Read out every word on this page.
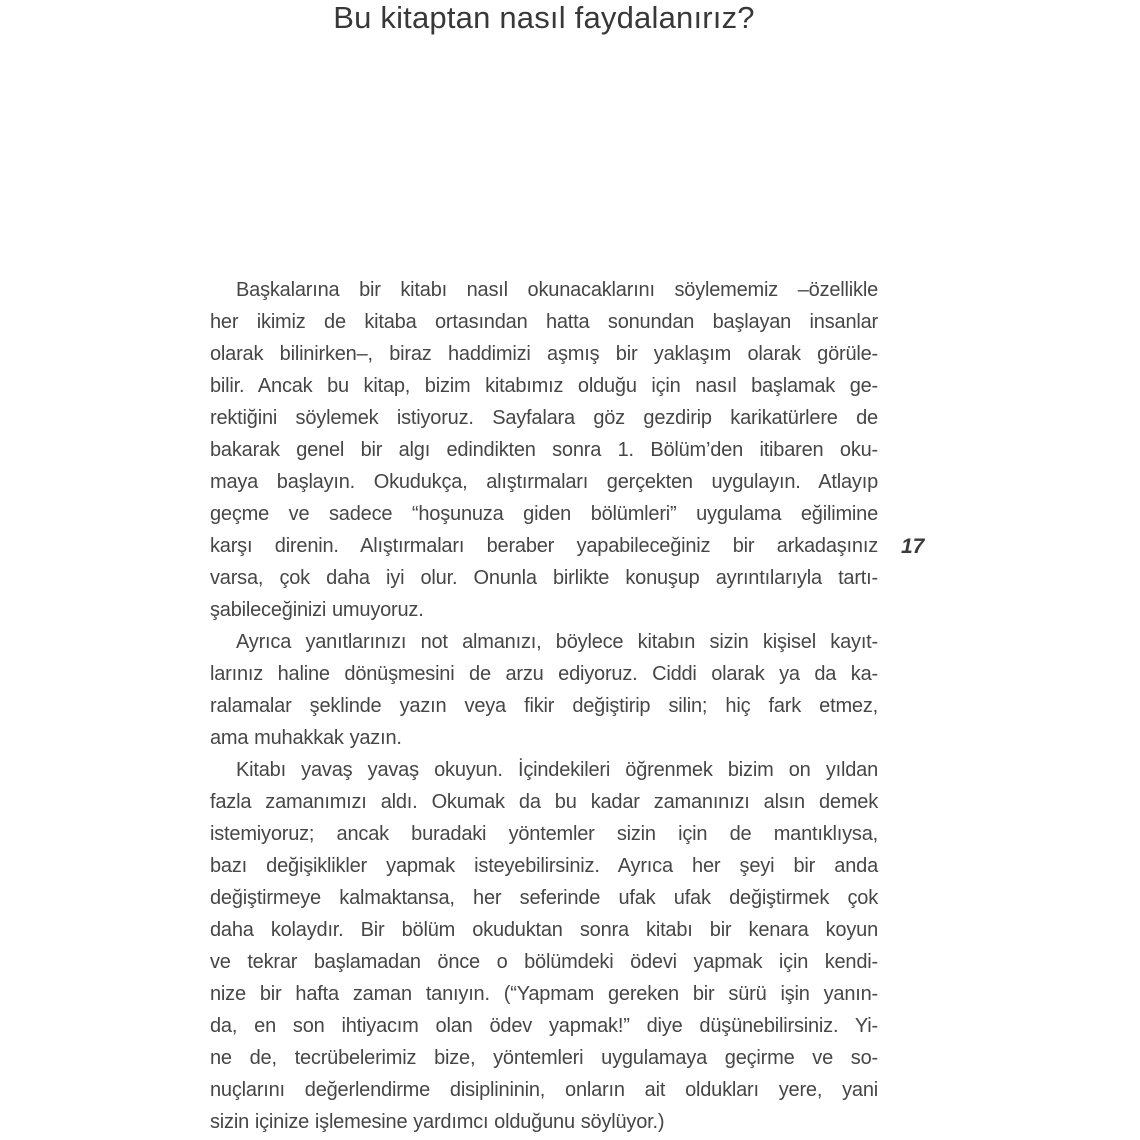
Bu kitaptan nasıl faydalanırız?
Başkalarına bir kitabı nasıl okunacaklarını söylememiz –özellikle
her ikimiz de kitaba ortasından hatta sonundan başlayan insanlar
olarak bilinirken–, biraz haddimizi aşmış bir yaklaşım olarak görüle-
bilir. Ancak bu kitap, bizim kitabımız olduğu için nasıl başlamak ge-
rektiğini söylemek istiyoruz. Sayfalara göz gezdirip karikatürlere de
bakarak genel bir algı edindikten sonra 1. Bölüm’den itibaren oku-
maya başlayın. Okudukça, alıştırmaları gerçekten uygulayın. Atlayıp
geçme ve sadece “hoşunuza giden bölümleri” uygulama eğilimine
karşı direnin. Alıştırmaları beraber yapabileceğiniz bir arkadaşınız
varsa, çok daha iyi olur. Onunla birlikte konuşup ayrıntılarıyla tartı-
şabileceğinizi umuyoruz.
Ayrıca yanıtlarınızı not almanızı, böylece kitabın sizin kişisel kayıt-
larınız haline dönüşmesini de arzu ediyoruz. Ciddi olarak ya da ka-
ralamalar şeklinde yazın veya fikir değiştirip silin; hiç fark etmez,
ama muhakkak yazın.
Kitabı yavaş yavaş okuyun. İçindekileri öğrenmek bizim on yıldan
fazla zamanımızı aldı. Okumak da bu kadar zamanınızı alsın demek
istemiyoruz; ancak buradaki yöntemler sizin için de mantıklıysa,
bazı değişiklikler yapmak isteyebilirsiniz. Ayrıca her şeyi bir anda
değiştirmeye kalmaktansa, her seferinde ufak ufak değiştirmek çok
daha kolaydır. Bir bölüm okuduktan sonra kitabı bir kenara koyun
ve tekrar başlamadan önce o bölümdeki ödevi yapmak için kendi-
nize bir hafta zaman tanıyın. (“Yapmam gereken bir sürü işin yanın-
da, en son ihtiyacım olan ödev yapmak!” diye düşünebilirsiniz. Yi-
ne de, tecrübelerimiz bize, yöntemleri uygulamaya geçirme ve so-
nuçlarını değerlendirme disiplininin, onların ait oldukları yere, yani
sizin içinize işlemesine yardımcı olduğunu söylüyor.)
17
